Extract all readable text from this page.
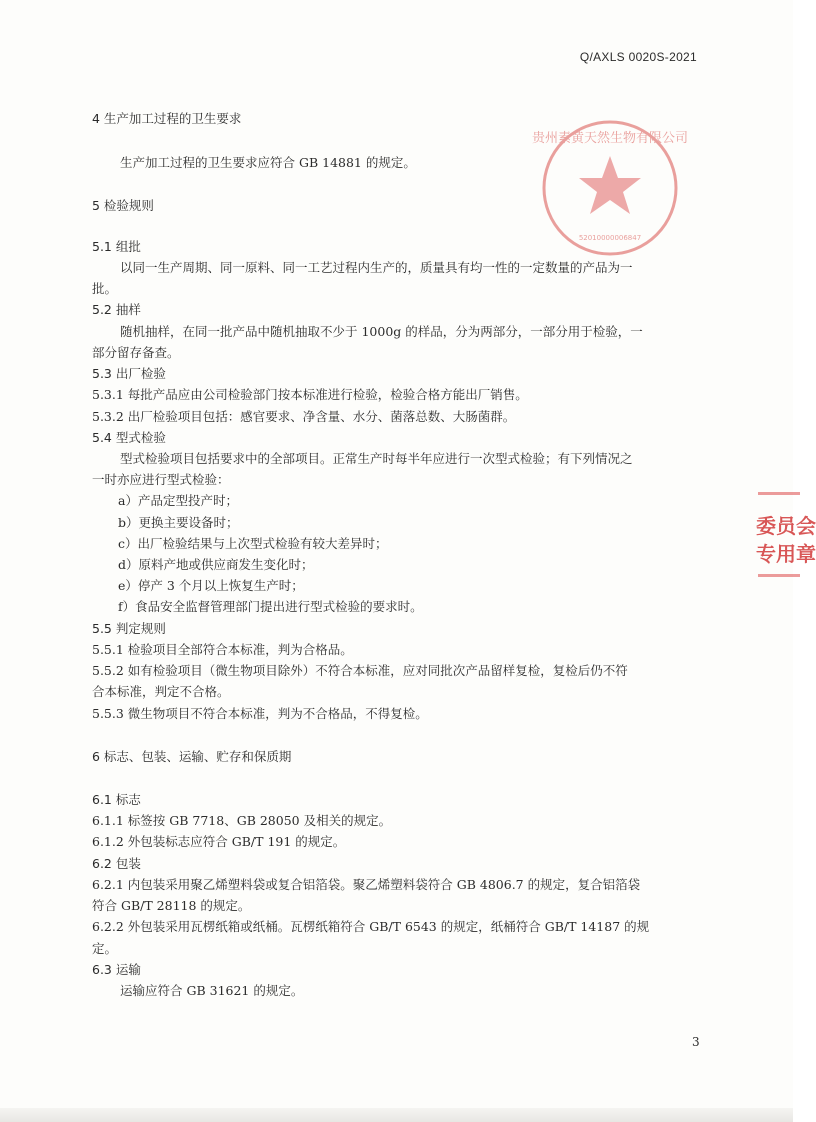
Q/AXLS 0020S-2021
贵州素黄天然生物有限公司
52010000006847
委员会
专用章
4 生产加工过程的卫生要求
生产加工过程的卫生要求应符合 GB 14881 的规定。
5 检验规则
5.1 组批
以同一生产周期、同一原料、同一工艺过程内生产的，质量具有均一性的一定数量的产品为一
批。
5.2 抽样
随机抽样，在同一批产品中随机抽取不少于 1000g 的样品，分为两部分，一部分用于检验，一
部分留存备查。
5.3 出厂检验
5.3.1 每批产品应由公司检验部门按本标准进行检验，检验合格方能出厂销售。
5.3.2 出厂检验项目包括：感官要求、净含量、水分、菌落总数、大肠菌群。
5.4 型式检验
型式检验项目包括要求中的全部项目。正常生产时每半年应进行一次型式检验；有下列情况之
一时亦应进行型式检验：
a）产品定型投产时；
b）更换主要设备时；
c）出厂检验结果与上次型式检验有较大差异时；
d）原料产地或供应商发生变化时；
e）停产 3 个月以上恢复生产时；
f）食品安全监督管理部门提出进行型式检验的要求时。
5.5 判定规则
5.5.1 检验项目全部符合本标准，判为合格品。
5.5.2 如有检验项目（微生物项目除外）不符合本标准，应对同批次产品留样复检，复检后仍不符
合本标准，判定不合格。
5.5.3 微生物项目不符合本标准，判为不合格品，不得复检。
6 标志、包装、运输、贮存和保质期
6.1 标志
6.1.1 标签按 GB 7718、GB 28050 及相关的规定。
6.1.2 外包装标志应符合 GB/T 191 的规定。
6.2 包装
6.2.1 内包装采用聚乙烯塑料袋或复合铝箔袋。聚乙烯塑料袋符合 GB 4806.7 的规定，复合铝箔袋
符合 GB/T 28118 的规定。
6.2.2 外包装采用瓦楞纸箱或纸桶。瓦楞纸箱符合 GB/T 6543 的规定，纸桶符合 GB/T 14187 的规
定。
6.3 运输
运输应符合 GB 31621 的规定。
3
